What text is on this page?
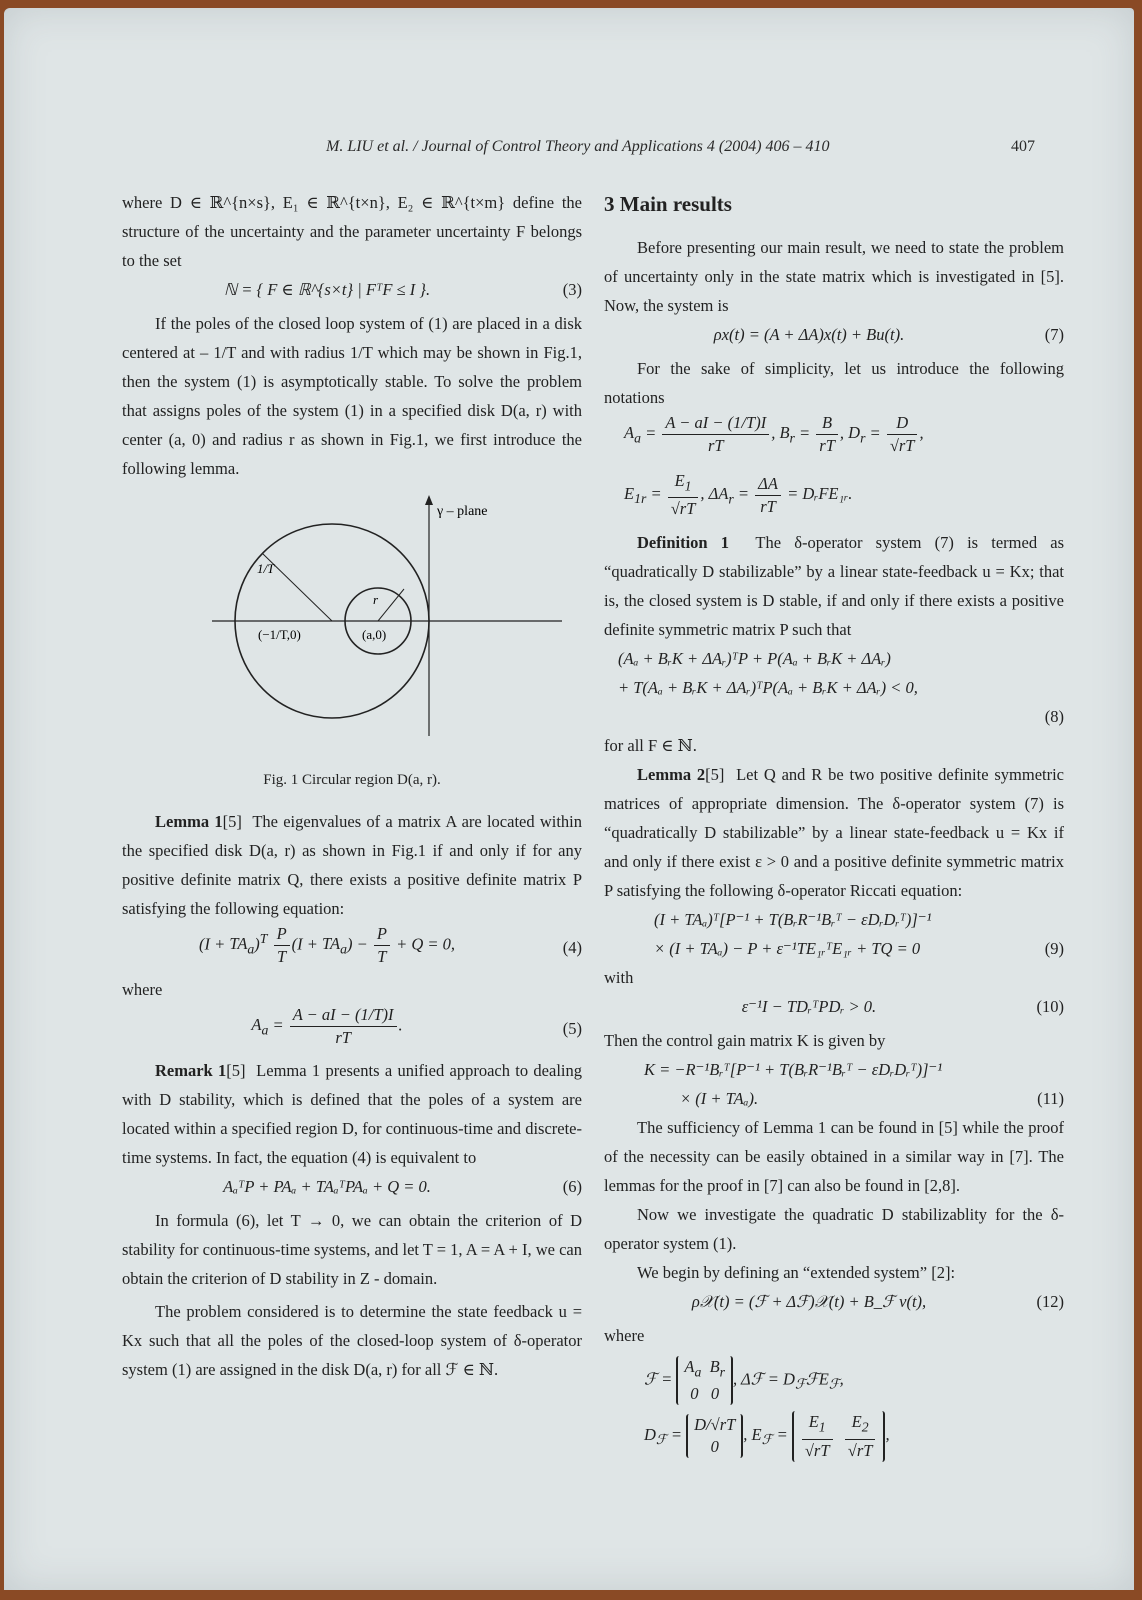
M. LIU et al. / Journal of Control Theory and Applications 4 (2004) 406 – 410	407

where D ∈ ℝ^{n×s}, E₁ ∈ ℝ^{t×n}, E₂ ∈ ℝ^{t×m} define the structure of the uncertainty and the parameter uncertainty F belongs to the set

ℕ = { F ∈ ℝ^{s×t} | FᵀF ≤ I }.	(3)

If the poles of the closed loop system of (1) are placed in a disk centered at – 1/T and with radius 1/T which may be shown in Fig.1, then the system (1) is asymptotically stable. To solve the problem that assigns poles of the system (1) in a specified disk D(a, r) with center (a, 0) and radius r as shown in Fig.1, we first introduce the following lemma.

γ – plane
1/T
(−1/T,0)
r
(a,0)
Fig. 1 Circular region D(a, r).

Lemma 1[5] The eigenvalues of a matrix A are located within the specified disk D(a, r) as shown in Fig.1 if and only if for any positive definite matrix Q, there exists a positive definite matrix P satisfying the following equation:

$(I + TA_a)^T \frac{P}{T} (I + TA_a) - \frac{P}{T} + Q = 0$,	(4)

where

$A_a = \frac{A - aI - (1/T)I}{rT}$ .	(5)

Remark 1[5] Lemma 1 presents a unified approach to dealing with D stability, which is defined that the poles of a system are located within a specified region D, for continuous-time and discrete-time systems. In fact, the equation (4) is equivalent to

AₐᵀP + PAₐ + TAₐᵀPAₐ + Q = 0.	(6)

In formula (6), let T → 0, we can obtain the criterion of D stability for continuous-time systems, and let T = 1, A = A + I, we can obtain the criterion of D stability in Z - domain.

The problem considered is to determine the state feedback u = Kx such that all the poles of the closed-loop system of δ-operator system (1) are assigned in the disk D(a, r) for all ℱ ∈ ℕ.

3 Main results

Before presenting our main result, we need to state the problem of uncertainty only in the state matrix which is investigated in [5]. Now, the system is

ρx(t) = (A + ΔA)x(t) + Bu(t).	(7)

For the sake of simplicity, let us introduce the following notations

$A_a = \frac{A - aI - (1/T)I}{rT}$ , $B_r = \frac{B}{rT}$ , $D_r = \frac{D}{√rT}$ ,
$E_{1r} = \frac{E_1}{√rT}$ , $\Delta A_r = \frac{\Delta A}{rT}$ = DᵣFE₁ᵣ.

Definition 1 The δ-operator system (7) is termed as “quadratically D stabilizable” by a linear state-feedback u = Kx; that is, the closed system is D stable, if and only if there exists a positive definite symmetric matrix P such that

(Aₐ + BᵣK + ΔAᵣ)ᵀP + P(Aₐ + BᵣK + ΔAᵣ)
+ T(Aₐ + BᵣK + ΔAᵣ)ᵀP(Aₐ + BᵣK + ΔAᵣ) < 0,
(8)

for all F ∈ ℕ.

Lemma 2[5] Let Q and R be two positive definite symmetric matrices of appropriate dimension. The δ-operator system (7) is “quadratically D stabilizable” by a linear state-feedback u = Kx if and only if there exist ε > 0 and a positive definite symmetric matrix P satisfying the following δ-operator Riccati equation:

(I + TAₐ)ᵀ[P⁻¹ + T(BᵣR⁻¹Bᵣᵀ − εDᵣDᵣᵀ)]⁻¹
× (I + TAₐ) − P + ε⁻¹TE₁ᵣᵀE₁ᵣ + TQ = 0	(9)

with

ε⁻¹I − TDᵣᵀPDᵣ > 0.	(10)

Then the control gain matrix K is given by

K = −R⁻¹Bᵣᵀ[P⁻¹ + T(BᵣR⁻¹Bᵣᵀ − εDᵣDᵣᵀ)]⁻¹
× (I + TAₐ).	(11)

The sufficiency of Lemma 1 can be found in [5] while the proof of the necessity can be easily obtained in a similar way in [7]. The lemmas for the proof in [7] can also be found in [2,8].

Now we investigate the quadratic D stabilizablity for the δ-operator system (1).

We begin by defining an “extended system” [2]:

ρ𝒳(t) = (ℱ + Δℱ)𝒳(t) + B_ℱ v(t),	(12)

where

ℱ = $A_a$ $B_r$
0   0, Δℱ = $D_ℱℱE_ℱ$,
$D_ℱ = D/√rT$
0, $E_ℱ = \frac{E_1}{√rT}$
$\frac{E_2}{√rT}$ ,
